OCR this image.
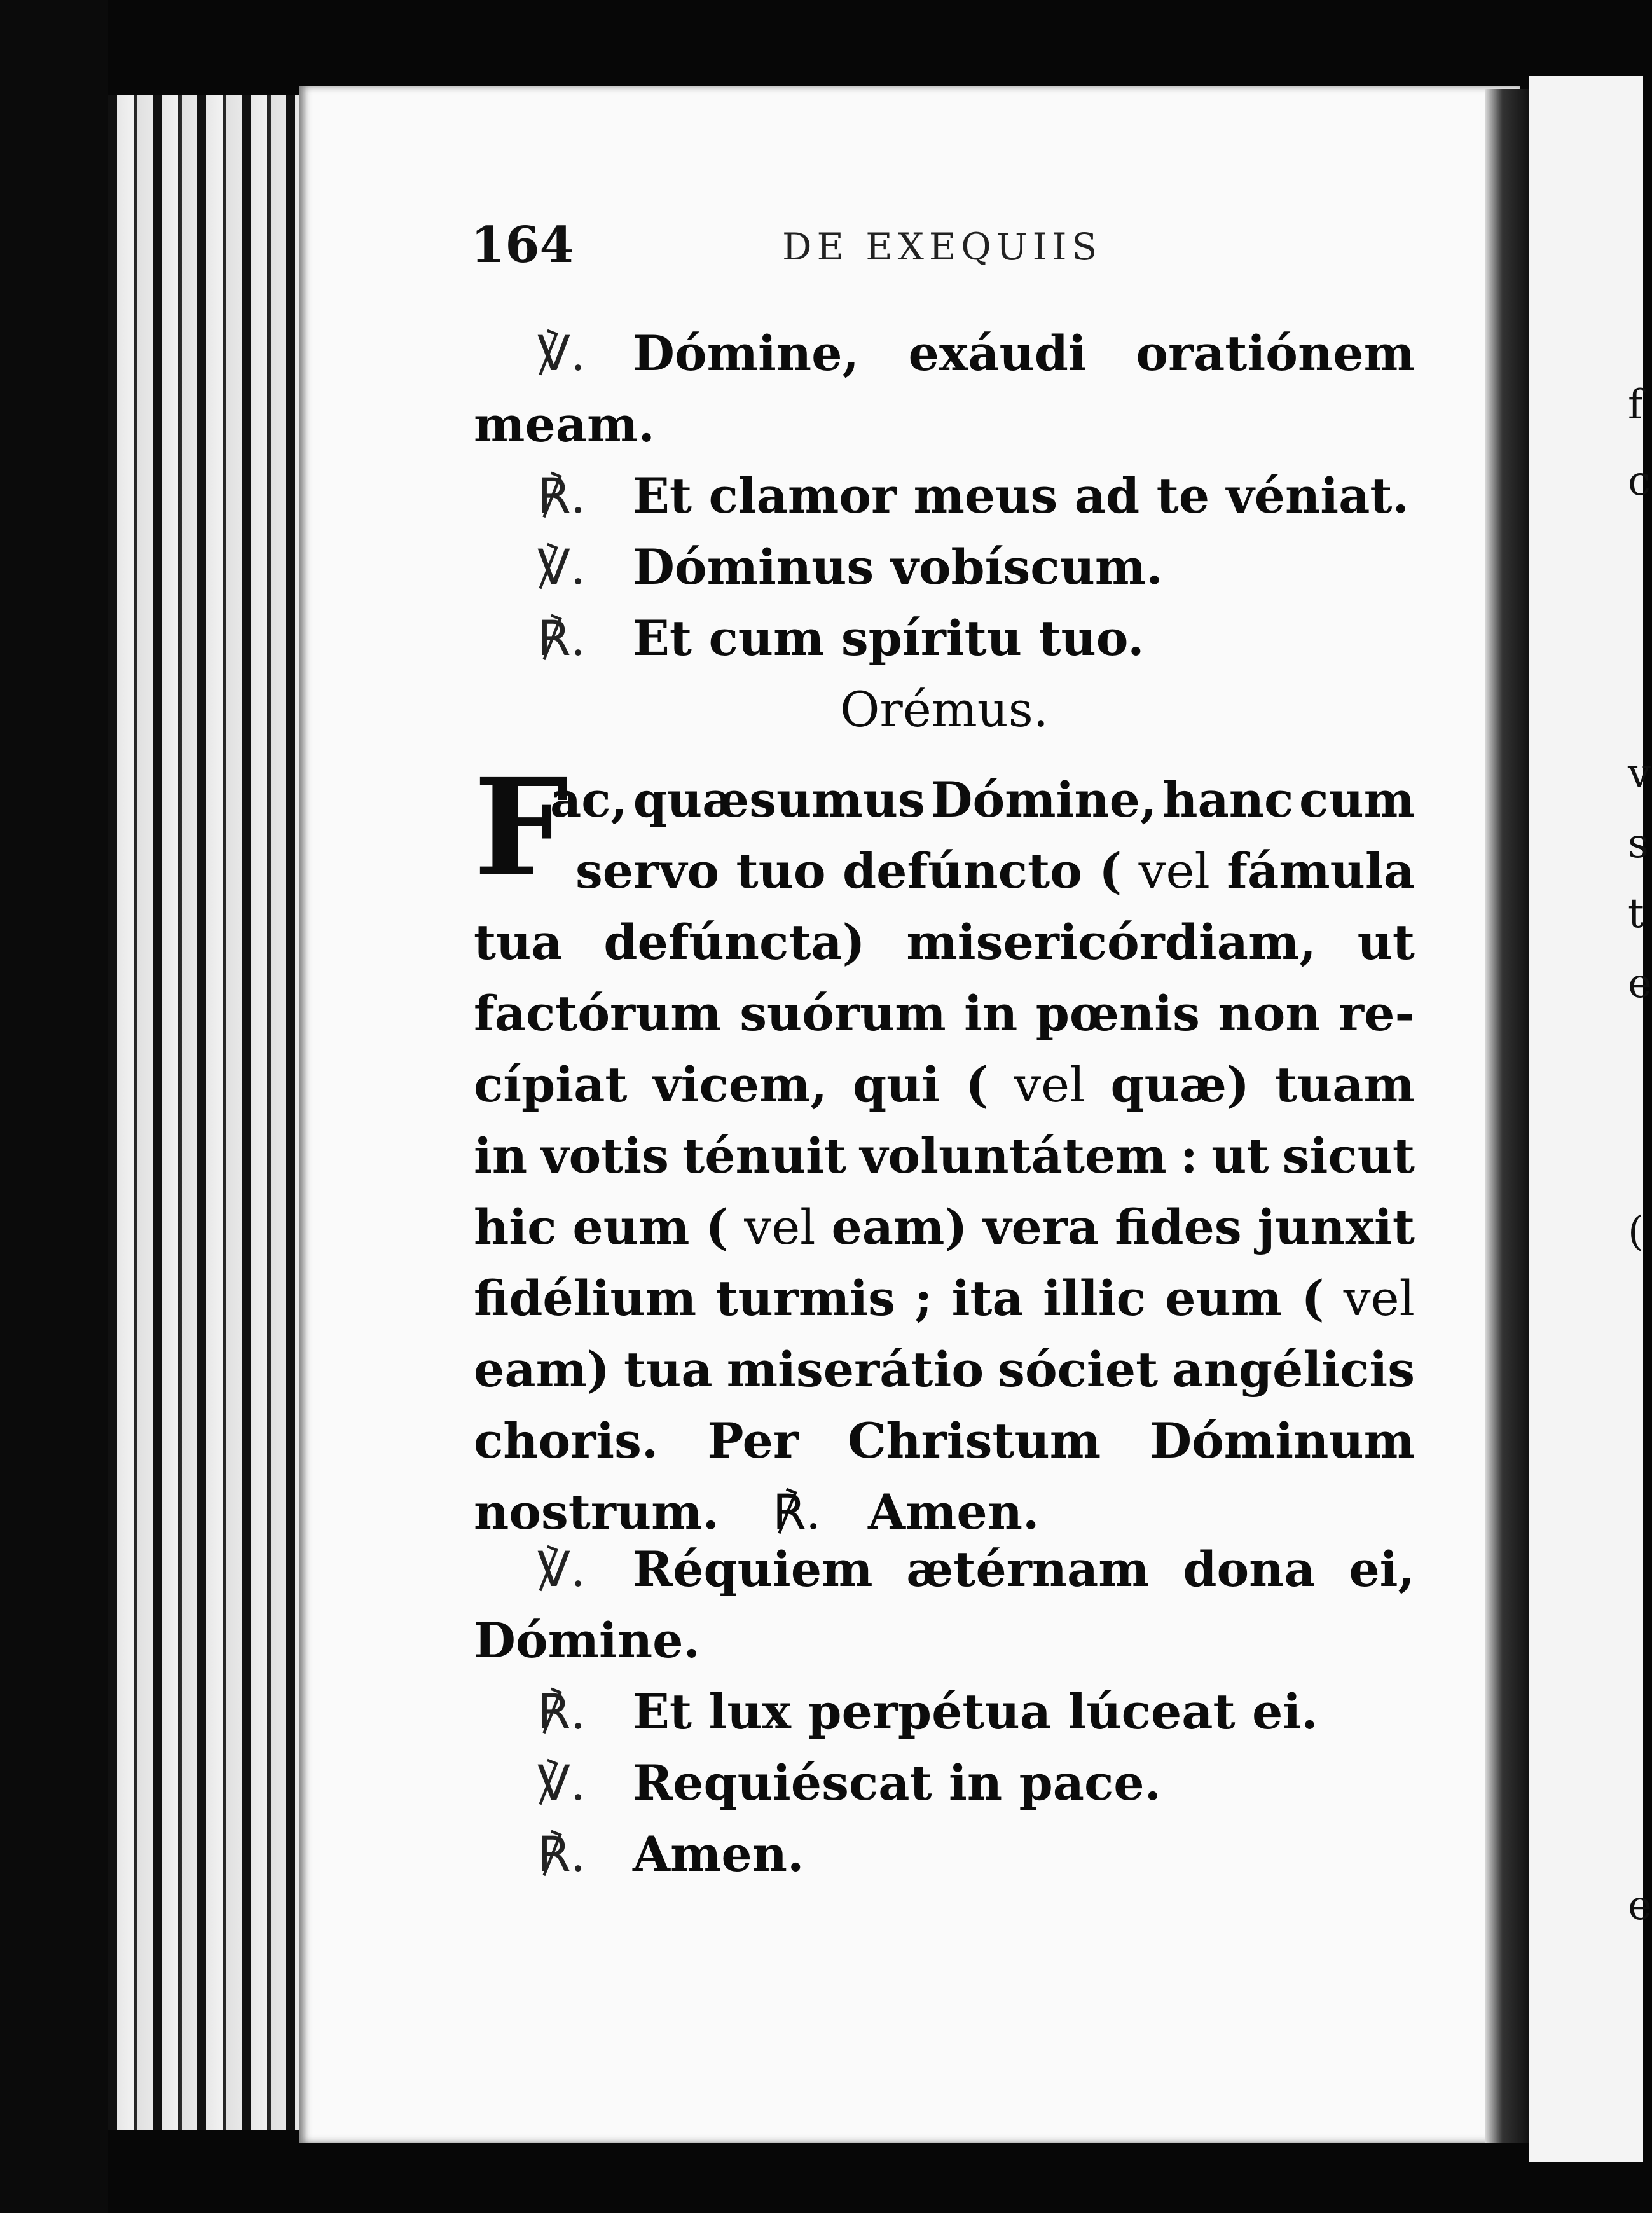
f
c
v
s
t
e
(
e
164	DE EXEQUIIS
℣. Dómine, exáudi oratiónem
meam.
℟. Et clamor meus ad te véniat.
℣. Dóminus vobíscum.
℟. Et cum spíritu tuo.
Orémus.
F
ac, quæsumus Dómine, hanc cum
servo tuo defúncto ( vel fámula
tua defúncta) misericórdiam, ut
factórum suórum in pœnis non re-
cípiat vicem, qui ( vel quæ) tuam
in votis ténuit voluntátem : ut sicut
hic eum ( vel eam) vera fides junxit
fidélium turmis ; ita illic eum ( vel
eam) tua miserátio sóciet angélicis
choris. Per Christum Dóminum
nostrum. ℟. Amen.
℣. Réquiem ætérnam dona ei,
Dómine.
℟. Et lux perpétua lúceat ei.
℣. Requiéscat in pace.
℟. Amen.
